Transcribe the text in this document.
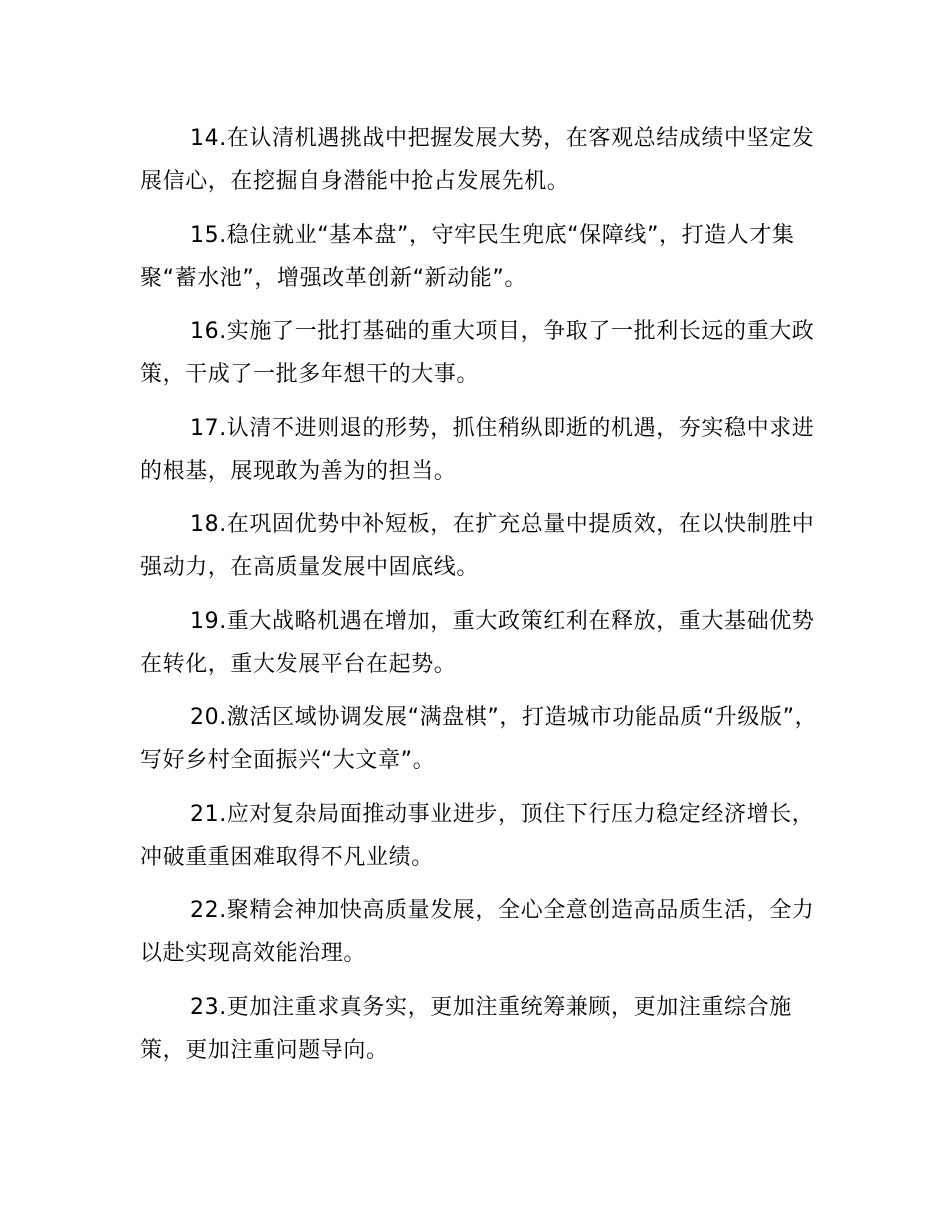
14.在认清机遇挑战中把握发展大势，在客观总结成绩中坚定发展信心，在挖掘自身潜能中抢占发展先机。

15.稳住就业“基本盘”，守牢民生兜底“保障线”，打造人才集聚“蓄水池”，增强改革创新“新动能”。

16.实施了一批打基础的重大项目，争取了一批利长远的重大政策，干成了一批多年想干的大事。

17.认清不进则退的形势，抓住稍纵即逝的机遇，夯实稳中求进的根基，展现敢为善为的担当。

18.在巩固优势中补短板，在扩充总量中提质效，在以快制胜中强动力，在高质量发展中固底线。

19.重大战略机遇在增加，重大政策红利在释放，重大基础优势在转化，重大发展平台在起势。

20.激活区域协调发展“满盘棋”，打造城市功能品质“升级版”，写好乡村全面振兴“大文章”。

21.应对复杂局面推动事业进步，顶住下行压力稳定经济增长，冲破重重困难取得不凡业绩。

22.聚精会神加快高质量发展，全心全意创造高品质生活，全力以赴实现高效能治理。

23.更加注重求真务实，更加注重统筹兼顾，更加注重综合施策，更加注重问题导向。
